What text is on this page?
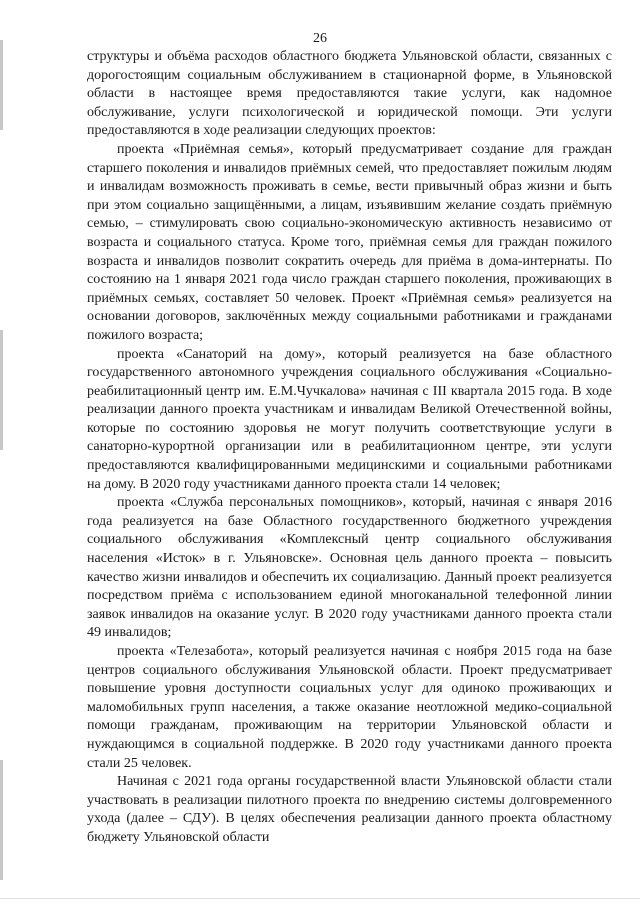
26

структуры и объёма расходов областного бюджета Ульяновской области, связанных с дорогостоящим социальным обслуживанием в стационарной форме, в Ульяновской области в настоящее время предоставляются такие услуги, как надомное обслуживание, услуги психологической и юридической помощи. Эти услуги предоставляются в ходе реализации следующих проектов:

проекта «Приёмная семья», который предусматривает создание для граждан старшего поколения и инвалидов приёмных семей, что предоставляет пожилым людям и инвалидам возможность проживать в семье, вести привычный образ жизни и быть при этом социально защищёнными, а лицам, изъявившим желание создать приёмную семью, – стимулировать свою социально-экономическую активность независимо от возраста и социального статуса. Кроме того, приёмная семья для граждан пожилого возраста и инвалидов позволит сократить очередь для приёма в дома-интернаты. По состоянию на 1 января 2021 года число граждан старшего поколения, проживающих в приёмных семьях, составляет 50 человек. Проект «Приёмная семья» реализуется на основании договоров, заключённых между социальными работниками и гражданами пожилого возраста;

проекта «Санаторий на дому», который реализуется на базе областного государственного автономного учреждения социального обслуживания «Социально-реабилитационный центр им. Е.М.Чучкалова» начиная с III квартала 2015 года. В ходе реализации данного проекта участникам и инвалидам Великой Отечественной войны, которые по состоянию здоровья не могут получить соответствующие услуги в санаторно-курортной организации или в реабилитационном центре, эти услуги предоставляются квалифицированными медицинскими и социальными работниками на дому. В 2020 году участниками данного проекта стали 14 человек;

проекта «Служба персональных помощников», который, начиная с января 2016 года реализуется на базе Областного государственного бюджетного учреждения социального обслуживания «Комплексный центр социального обслуживания населения «Исток» в г. Ульяновске». Основная цель данного проекта – повысить качество жизни инвалидов и обеспечить их социализацию. Данный проект реализуется посредством приёма с использованием единой многоканальной телефонной линии заявок инвалидов на оказание услуг. В 2020 году участниками данного проекта стали 49 инвалидов;

проекта «Телезабота», который реализуется начиная с ноября 2015 года на базе центров социального обслуживания Ульяновской области. Проект предусматривает повышение уровня доступности социальных услуг для одиноко проживающих и маломобильных групп населения, а также оказание неотложной медико-социальной помощи гражданам, проживающим на территории Ульяновской области и нуждающимся в социальной поддержке. В 2020 году участниками данного проекта стали 25 человек.

Начиная с 2021 года органы государственной власти Ульяновской области стали участвовать в реализации пилотного проекта по внедрению системы долговременного ухода (далее – СДУ). В целях обеспечения реализации данного проекта областному бюджету Ульяновской области
